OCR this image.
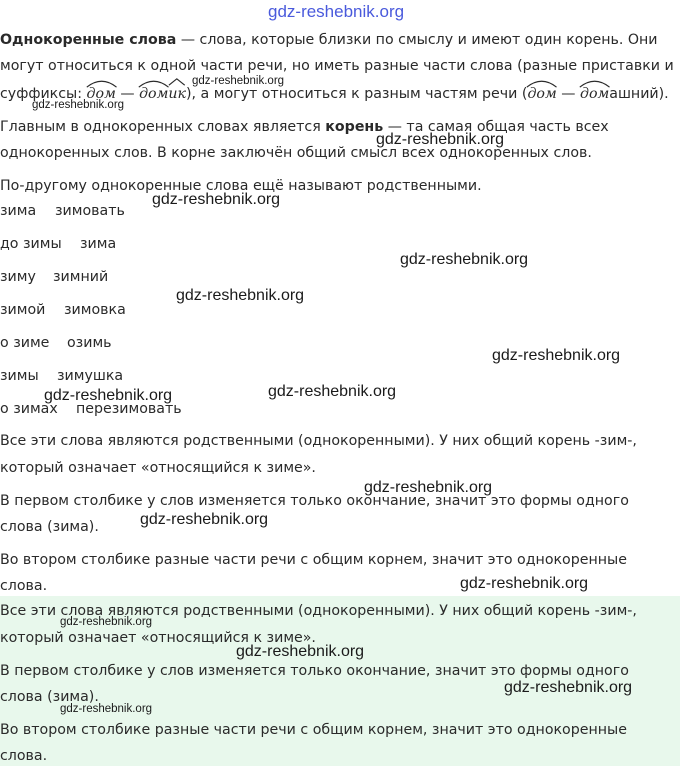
gdz-reshebnik.org
Однокоренные слова — слова, которые близки по смыслу и имеют один корень. Они
могут относиться к одной части речи, но иметь разные части слова (разные приставки и
суффиксы:
дом —
дом
ик), а могут относиться к разным частям речи (
дом —
домашний).
Главным в однокоренных словах является корень — та самая общая часть всех
однокоренных слов. В корне заключён общий смысл всех однокоренных слов.
По-другому однокоренные слова ещё называют родственными.
зима зимовать
до зимы зима
зиму зимний
зимой зимовка
о зиме озимь
зимы зимушка
о зимах перезимовать
Все эти слова являются родственными (однокоренными). У них общий корень -зим-,
который означает «относящийся к зиме».
В первом столбике у слов изменяется только окончание, значит это формы одного
слова (зима).
Во втором столбике разные части речи с общим корнем, значит это однокоренные
слова.
Все эти слова являются родственными (однокоренными). У них общий корень -зим-,
который означает «относящийся к зиме».
В первом столбике у слов изменяется только окончание, значит это формы одного
слова (зима).
Во втором столбике разные части речи с общим корнем, значит это однокоренные
слова.
gdz-reshebnik.org
gdz-reshebnik.org
gdz-reshebnik.org
gdz-reshebnik.org
gdz-reshebnik.org
gdz-reshebnik.org
gdz-reshebnik.org
gdz-reshebnik.org	gdz-reshebnik.org
gdz-reshebnik.org
gdz-reshebnik.org
gdz-reshebnik.org
gdz-reshebnik.org
gdz-reshebnik.org
gdz-reshebnik.org
gdz-reshebnik.org
